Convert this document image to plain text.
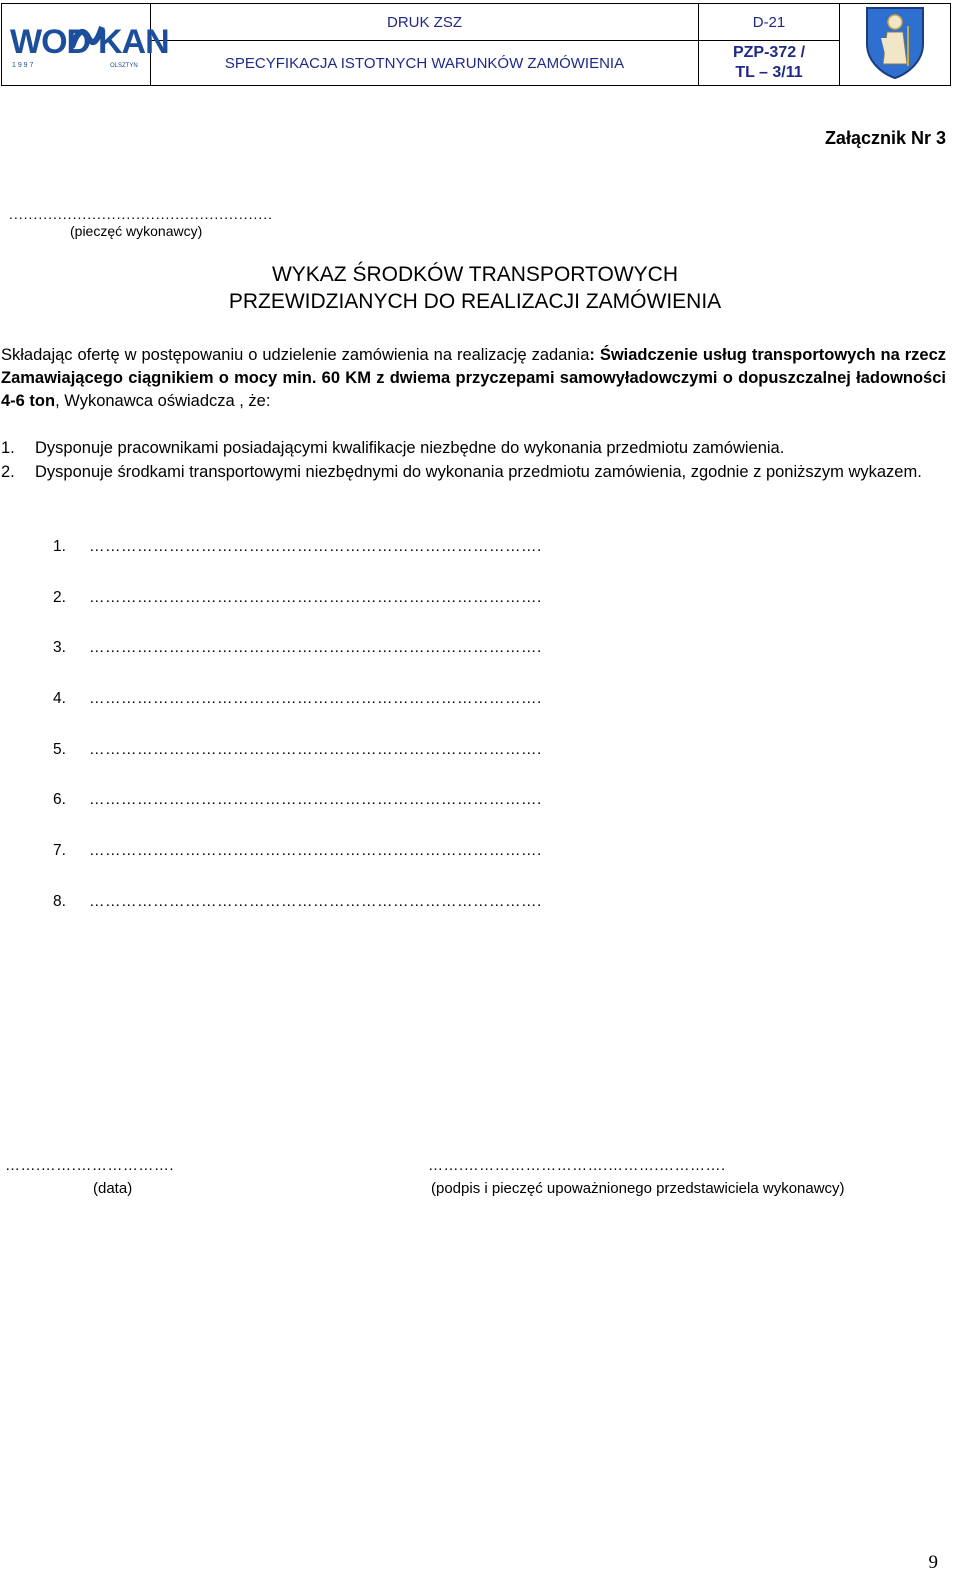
WOD KAN
1 9 9 7 OLSZTYN	DRUK ZSZ	D-21	
	SPECYFIKACJA ISTOTNYCH WARUNKÓW ZAMÓWIENIA	PZP-372 /
TL – 3/11	
Załącznik Nr 3
......................................................
(pieczęć wykonawcy)
WYKAZ ŚRODKÓW TRANSPORTOWYCH
PRZEWIDZIANYCH DO REALIZACJI ZAMÓWIENIA
Składając ofertę w postępowaniu o udzielenie zamówienia na realizację zadania: Świadczenie usług transportowych na rzecz Zamawiającego ciągnikiem o mocy min. 60 KM z dwiema przyczepami samowyładowczymi o dopuszczalnej ładowności 4-6 ton, Wykonawca oświadcza , że:
1.	Dysponuje pracownikami posiadającymi kwalifikacje niezbędne do wykonania przedmiotu zamówienia.
2.	Dysponuje środkami transportowymi niezbędnymi do wykonania przedmiotu zamówienia, zgodnie z poniższym wykazem.
1. ………………………………………………………………………….
2. ………………………………………………………………………….
3. ………………………………………………………………………….
4. ………………………………………………………………………….
5. ………………………………………………………………………….
6. ………………………………………………………………………….
7. ………………………………………………………………………….
8. ………………………………………………………………………….
…….…….……………….
(data)
…….……………………….……….………….
(podpis i pieczęć upoważnionego przedstawiciela wykonawcy)
9
